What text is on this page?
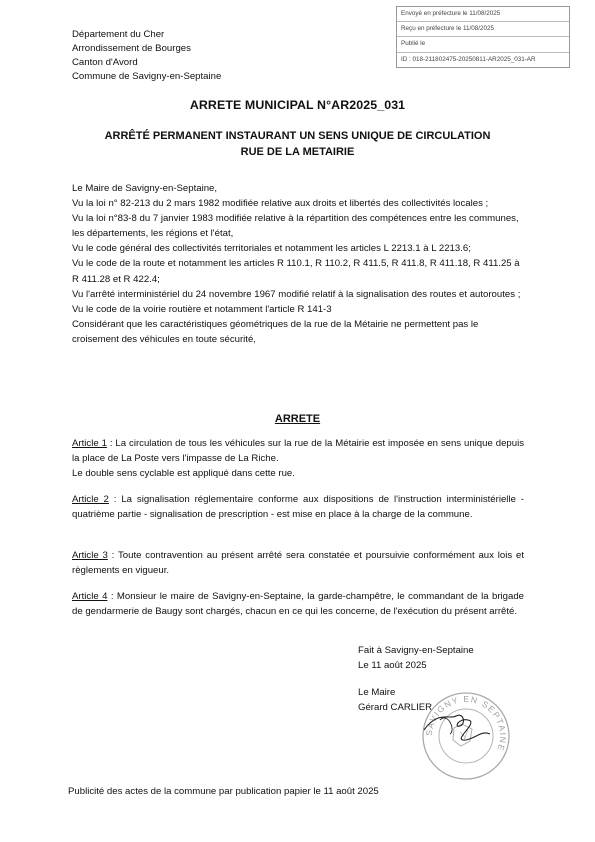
Département du Cher
Arrondissement de Bourges
Canton d'Avord
Commune de Savigny-en-Septaine
Envoyé en préfecture le 11/08/2025
Reçu en préfecture le 11/08/2025
Publié le
ID : 018-211802475-20250811-AR2025_031-AR
ARRETE MUNICIPAL N°AR2025_031
ARRÊTÉ PERMANENT INSTAURANT UN SENS UNIQUE DE CIRCULATION
RUE DE LA METAIRIE

Le Maire de Savigny-en-Septaine,

Vu la loi n° 82-213 du 2 mars 1982 modifiée relative aux droits et libertés des collectivités locales ;

Vu la loi n°83-8 du 7 janvier 1983 modifiée relative à la répartition des compétences entre les communes, les départements, les régions et l'état,

Vu le code général des collectivités territoriales et notamment les articles L 2213.1 à L 2213.6;

Vu le code de la route et notamment les articles R 110.1, R 110.2, R 411.5, R 411.8, R 411.18, R 411.25 à R 411.28 et R 422.4;

Vu l'arrêté interministériel du 24 novembre 1967 modifié relatif à la signalisation des routes et autoroutes ;

Vu le code de la voirie routière et notamment l'article R 141-3

Considérant que les caractéristiques géométriques de la rue de la Métairie ne permettent pas le croisement des véhicules en toute sécurité,

ARRETE

Article 1 : La circulation de tous les véhicules sur la rue de la Métairie est imposée en sens unique depuis la place de La Poste vers l'impasse de La Riche.

Le double sens cyclable est appliqué dans cette rue.

Article 2 : La signalisation réglementaire conforme aux dispositions de l'instruction interministérielle - quatrième partie - signalisation de prescription - est mise en place à la charge de la commune.
Article 3 : Toute contravention au présent arrêté sera constatée et poursuivie conformément aux lois et règlements en vigueur.
Article 4 : Monsieur le maire de Savigny-en-Septaine, la garde-champêtre, le commandant de la brigade de gendarmerie de Baugy sont chargés, chacun en ce qui les concerne, de l'exécution du présent arrêté.
Fait à Savigny-en-Septaine
Le 11 août 2025
Le Maire
Gérard CARLIER
SAVIGNY EN SEPTAINE
Publicité des actes de la commune par publication papier le 11 août 2025
